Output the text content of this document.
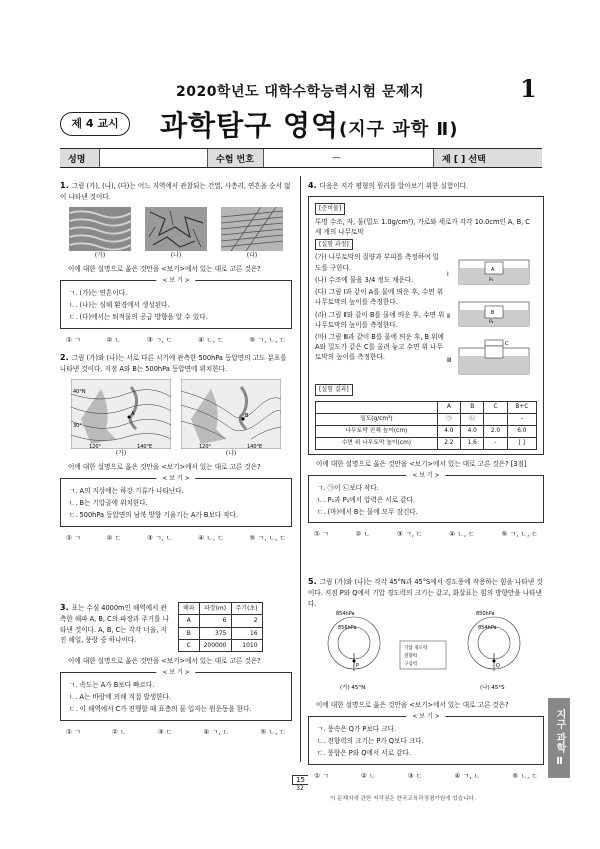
2020학년도 대학수학능력시험 문제지	1
제 4 교시	과학탐구 영역(지구 과학 Ⅱ)
성명	수험 번호	—	제 [ ] 선택
1. 그림 (가), (나), (다)는 어느 지역에서 관찰되는 건열, 사층리, 연흔을 순서 없이 나타낸 것이다.
(가)	(나)	(다)
이에 대한 설명으로 옳은 것만을 <보기>에서 있는 대로 고른 것은?
< 보 기 >
ㄱ. (가)는 연흔이다.
ㄴ. (나)는 심해 환경에서 생성된다.
ㄷ. (다)에서는 퇴적물의 공급 방향을 알 수 있다.
① ㄱ	② ㄴ	③ ㄱ, ㄷ	④ ㄴ, ㄷ	⑤ ㄱ, ㄴ, ㄷ
2. 그림 (가)와 (나)는 서로 다른 시기에 관측한 500hPa 등압면의 고도 분포를 나타낸 것이다. 지점 A와 B는 500hPa 등압면에 위치한다.
40°N
30°
A
120°	140°E
B
120°	140°E
(가)	(나)
이에 대한 설명으로 옳은 것만을 <보기>에서 있는 대로 고른 것은?
< 보 기 >
ㄱ. A의 지상에는 하강 기류가 나타난다.
ㄴ. B는 기압골에 위치한다.
ㄷ. 500hPa 등압면의 남북 방향 기울기는 A가 B보다 작다.
① ㄱ	② ㄷ	③ ㄱ, ㄴ	④ ㄴ, ㄷ	⑤ ㄱ, ㄴ, ㄷ
3. 표는 수심 4000m인 해역에서 관측한 해파 A, B, C의 파장과 주기를 나타낸 것이다. A, B, C는 각각 너울, 지진 해일, 풍랑 중 하나이다.
해파	파장(m)	주기(초)
A	6	2
B	375	16
C	200000	1010
이에 대한 설명으로 옳은 것만을 <보기>에서 있는 대로 고른 것은?
< 보 기 >
ㄱ. 속도는 A가 B보다 빠르다.
ㄴ. A는 바람에 의해 직접 발생한다.
ㄷ. 이 해역에서 C가 진행할 때 표층의 물 입자는 원운동을 한다.
① ㄱ	② ㄴ	③ ㄷ	④ ㄱ, ㄴ	⑤ ㄴ, ㄷ
4. 다음은 지각 평형의 원리를 알아보기 위한 실험이다.
[준비물]
투명 수조, 자, 물(밀도 1.0g/cm³), 가로와 세로가 각각 10.0cm인 A, B, C 세 개의 나무토막
[실험 과정]
(가) 나무토막의 질량과 부피를 측정하여 밀도를 구한다.
(나) 수조에 물을 3/4 정도 채운다.
(다) 그림 Ⅰ과 같이 A를 물에 띄운 후, 수면 위 나무토막의 높이를 측정한다.
(라) 그림 Ⅱ와 같이 B를 물에 띄운 후, 수면 위 나무토막의 높이를 측정한다.
(마) 그림 Ⅲ과 같이 B를 물에 띄운 후, B 위에 A와 밀도가 같은 C를 올려 놓고 수면 위 나무토막의 높이를 측정한다.
Ⅰ
A
P₁
Ⅱ	B
P₂
Ⅲ
C
[실험 결과]
	A	B	C	B+C
밀도(g/cm³)	㉠	㉡		-
나무토막 전체 높이(cm)	4.0	4.0	2.0	6.0
수면 위 나무토막 높이(cm)	2.2	1.6	-	[ ]
이에 대한 설명으로 옳은 것만을 <보기>에서 있는 대로 고른 것은? [3점]
< 보 기 >
ㄱ. ㉠이 ㉡보다 작다.
ㄴ. P₁과 P₂에서 압력은 서로 같다.
ㄷ. (마)에서 B는 물에 모두 잠긴다.
① ㄱ	② ㄴ	③ ㄱ, ㄷ	④ ㄴ, ㄷ	⑤ ㄱ, ㄴ, ㄷ
5. 그림 (가)와 (나)는 각각 45°N과 45°S에서 경도풍에 작용하는 힘을 나타낸 것이다. 지점 P와 Q에서 기압 경도력의 크기는 같고, 화살표는 힘의 방향만을 나타낸다.
854hPa
856hPa
P
850hPa
854hPa
Q
기압 경도력
전향력
구심력
(가) 45°N	(나) 45°S
이에 대한 설명으로 옳은 것만을 <보기>에서 있는 대로 고른 것은?
< 보 기 >
ㄱ. 풍속은 Q가 P보다 크다.
ㄴ. 전향력의 크기는 P가 Q보다 크다.
ㄷ. 풍향은 P와 Q에서 서로 같다.
① ㄱ	② ㄴ	③ ㄷ	④ ㄱ, ㄴ	⑤ ㄴ, ㄷ
15
32
이 문제지에 관한 저작권은 한국교육과정평가원에 있습니다.
지구 과학 Ⅱ
